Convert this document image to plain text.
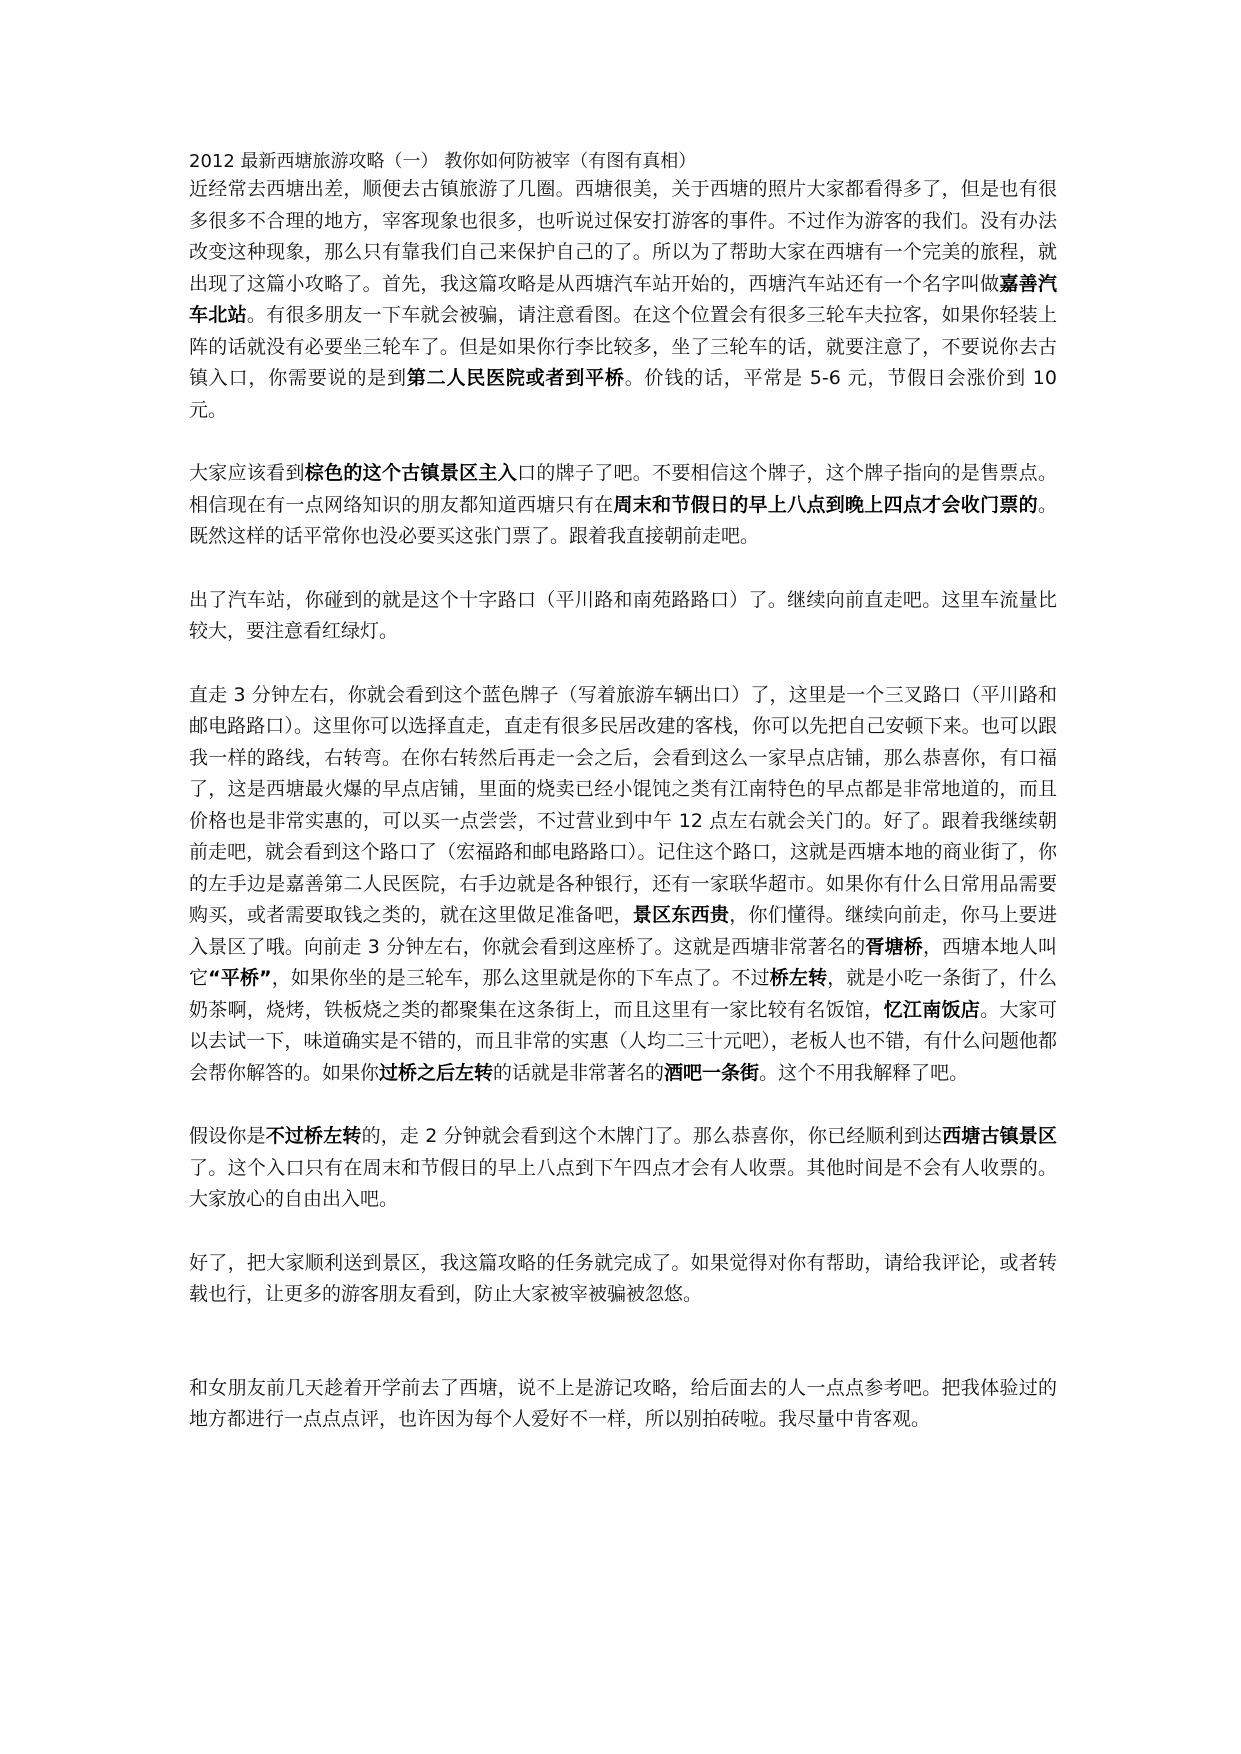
2012 最新西塘旅游攻略（一） 教你如何防被宰（有图有真相）

近经常去西塘出差，顺便去古镇旅游了几圈。西塘很美，关于西塘的照片大家都看得多了，但是也有很多很多不合理的地方，宰客现象也很多，也听说过保安打游客的事件。不过作为游客的我们。没有办法改变这种现象，那么只有靠我们自己来保护自己的了。所以为了帮助大家在西塘有一个完美的旅程，就出现了这篇小攻略了。首先，我这篇攻略是从西塘汽车站开始的，西塘汽车站还有一个名字叫做嘉善汽车北站。有很多朋友一下车就会被骗，请注意看图。在这个位置会有很多三轮车夫拉客，如果你轻装上阵的话就没有必要坐三轮车了。但是如果你行李比较多，坐了三轮车的话，就要注意了，不要说你去古镇入口，你需要说的是到第二人民医院或者到平桥。价钱的话，平常是 5-6 元，节假日会涨价到 10 元。

大家应该看到棕色的这个古镇景区主入口的牌子了吧。不要相信这个牌子，这个牌子指向的是售票点。相信现在有一点网络知识的朋友都知道西塘只有在周末和节假日的早上八点到晚上四点才会收门票的。既然这样的话平常你也没必要买这张门票了。跟着我直接朝前走吧。

出了汽车站，你碰到的就是这个十字路口（平川路和南苑路路口）了。继续向前直走吧。这里车流量比较大，要注意看红绿灯。

直走 3 分钟左右，你就会看到这个蓝色牌子（写着旅游车辆出口）了，这里是一个三叉路口（平川路和邮电路路口）。这里你可以选择直走，直走有很多民居改建的客栈，你可以先把自己安顿下来。也可以跟我一样的路线，右转弯。在你右转然后再走一会之后，会看到这么一家早点店铺，那么恭喜你，有口福了，这是西塘最火爆的早点店铺，里面的烧卖已经小馄饨之类有江南特色的早点都是非常地道的，而且价格也是非常实惠的，可以买一点尝尝，不过营业到中午 12 点左右就会关门的。好了。跟着我继续朝前走吧，就会看到这个路口了（宏福路和邮电路路口）。记住这个路口，这就是西塘本地的商业街了，你的左手边是嘉善第二人民医院，右手边就是各种银行，还有一家联华超市。如果你有什么日常用品需要购买，或者需要取钱之类的，就在这里做足准备吧，景区东西贵，你们懂得。继续向前走，你马上要进入景区了哦。向前走 3 分钟左右，你就会看到这座桥了。这就是西塘非常著名的胥塘桥，西塘本地人叫它“平桥”，如果你坐的是三轮车，那么这里就是你的下车点了。不过桥左转，就是小吃一条街了，什么奶茶啊，烧烤，铁板烧之类的都聚集在这条街上，而且这里有一家比较有名饭馆，忆江南饭店。大家可以去试一下，味道确实是不错的，而且非常的实惠（人均二三十元吧），老板人也不错，有什么问题他都会帮你解答的。如果你过桥之后左转的话就是非常著名的酒吧一条街。这个不用我解释了吧。

假设你是不过桥左转的，走 2 分钟就会看到这个木牌门了。那么恭喜你，你已经顺利到达西塘古镇景区了。这个入口只有在周末和节假日的早上八点到下午四点才会有人收票。其他时间是不会有人收票的。大家放心的自由出入吧。

好了，把大家顺利送到景区，我这篇攻略的任务就完成了。如果觉得对你有帮助，请给我评论，或者转载也行，让更多的游客朋友看到，防止大家被宰被骗被忽悠。

和女朋友前几天趁着开学前去了西塘，说不上是游记攻略，给后面去的人一点点参考吧。把我体验过的地方都进行一点点点评，也许因为每个人爱好不一样，所以别拍砖啦。我尽量中肯客观。
